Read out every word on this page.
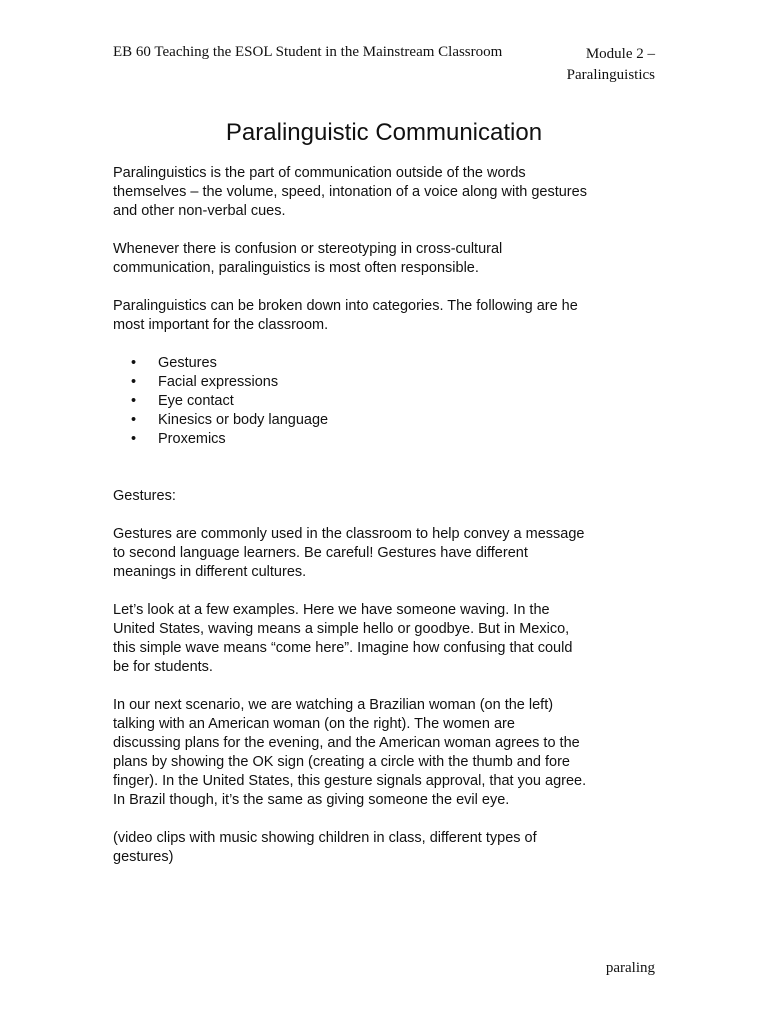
EB 60 Teaching the ESOL Student in the Mainstream Classroom	Module 2 –
Paralinguistics
Paralinguistic Communication

Paralinguistics is the part of communication outside of the words
themselves – the volume, speed, intonation of a voice along with gestures
and other non-verbal cues.

Whenever there is confusion or stereotyping in cross-cultural
communication, paralinguistics is most often responsible.

Paralinguistics can be broken down into categories. The following are he
most important for the classroom.

• Gestures
• Facial expressions
• Eye contact
• Kinesics or body language
• Proxemics

Gestures:

Gestures are commonly used in the classroom to help convey a message
to second language learners. Be careful! Gestures have different
meanings in different cultures.

Let’s look at a few examples. Here we have someone waving. In the
United States, waving means a simple hello or goodbye. But in Mexico,
this simple wave means “come here”. Imagine how confusing that could
be for students.

In our next scenario, we are watching a Brazilian woman (on the left)
talking with an American woman (on the right). The women are
discussing plans for the evening, and the American woman agrees to the
plans by showing the OK sign (creating a circle with the thumb and fore
finger). In the United States, this gesture signals approval, that you agree.
In Brazil though, it’s the same as giving someone the evil eye.

(video clips with music showing children in class, different types of
gestures)

paraling
